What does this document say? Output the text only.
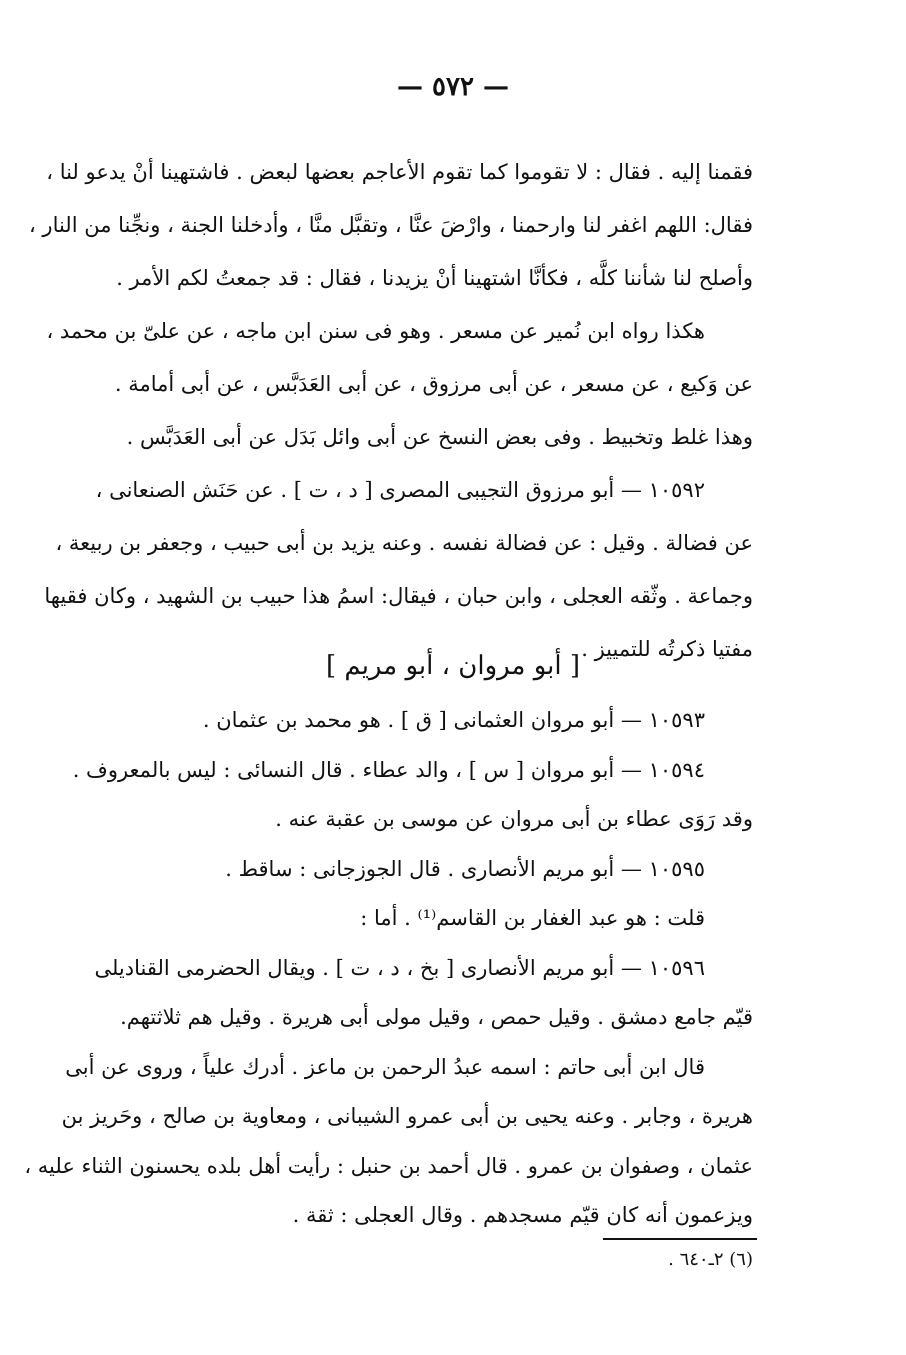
— ٥٧٢ —
فقمنا إليه . فقال : لا تقوموا كما تقوم الأعاجم بعضها لبعض . فاشتهينا أنْ يدعو لنا ،
فقال: اللهم اغفر لنا وارحمنا ، وارْضَ عنَّا ، وتقبَّل منَّا ، وأدخلنا الجنة ، ونجِّنا من النار ،
وأصلح لنا شأننا كلَّه ، فكأنَّا اشتهينا أنْ يزيدنا ، فقال : قد جمعتُ لكم الأمر .
هكذا رواه ابن نُمير عن مسعر . وهو فى سنن ابن ماجه ، عن علىّ بن محمد ،
عن وَكيع ، عن مسعر ، عن أبى مرزوق ، عن أبى العَدَبَّس ، عن أبى أمامة .
وهذا غلط وتخبيط . وفى بعض النسخ عن أبى وائل بَدَل عن أبى العَدَبَّس .
١٠٥٩٢ — أبو مرزوق التجيبى المصرى [ د ، ت ] . عن حَنَش الصنعانى ،
عن فضالة . وقيل : عن فضالة نفسه . وعنه يزيد بن أبى حبيب ، وجعفر بن ربيعة ،
وجماعة . وثّقه العجلى ، وابن حبان ، فيقال: اسمُ هذا حبيب بن الشهيد ، وكان فقيها
مفتيا ذكرتُه للتمييز .
[ أبو مروان ، أبو مريم ]
١٠٥٩٣ — أبو مروان العثمانى [ ق ] . هو محمد بن عثمان .
١٠٥٩٤ — أبو مروان [ س ] ، والد عطاء . قال النسائى : ليس بالمعروف .
وقد رَوَى عطاء بن أبى مروان عن موسى بن عقبة عنه .
١٠٥٩٥ — أبو مريم الأنصارى . قال الجوزجانى : ساقط .
قلت : هو عبد الغفار بن القاسم⁽¹⁾ . أما :
١٠٥٩٦ — أبو مريم الأنصارى [ بخ ، د ، ت ] . ويقال الحضرمى القناديلى
قيّم جامع دمشق . وقيل حمص ، وقيل مولى أبى هريرة . وقيل هم ثلاثتهم.
قال ابن أبى حاتم : اسمه عبدُ الرحمن بن ماعز . أدرك علياً ، وروى عن أبى
هريرة ، وجابر . وعنه يحيى بن أبى عمرو الشيبانى ، ومعاوية بن صالح ، وحَريز بن
عثمان ، وصفوان بن عمرو . قال أحمد بن حنبل : رأيت أهل بلده يحسنون الثناء عليه ،
ويزعمون أنه كان قيّم مسجدهم . وقال العجلى : ثقة .
(٦) ٢ـ٦٤٠ .
